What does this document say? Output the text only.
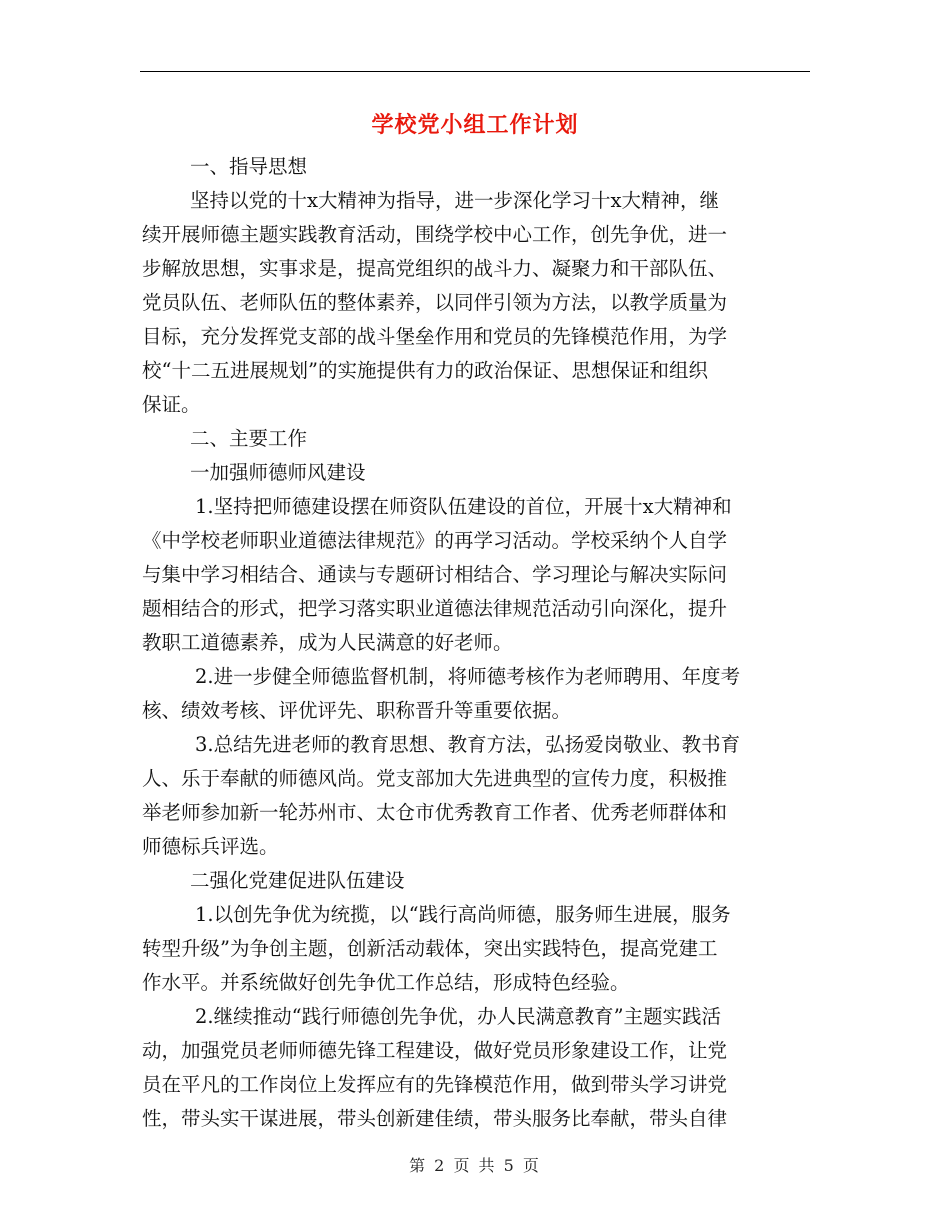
学校党小组工作计划
一、指导思想
坚持以党的十x大精神为指导，进一步深化学习十x大精神，继
续开展师德主题实践教育活动，围绕学校中心工作，创先争优，进一
步解放思想，实事求是，提高党组织的战斗力、凝聚力和干部队伍、
党员队伍、老师队伍的整体素养，以同伴引领为方法，以教学质量为
目标，充分发挥党支部的战斗堡垒作用和党员的先锋模范作用，为学
校“十二五进展规划”的实施提供有力的政治保证、思想保证和组织
保证。
二、主要工作
一加强师德师风建设
1.坚持把师德建设摆在师资队伍建设的首位，开展十x大精神和
《中学校老师职业道德法律规范》的再学习活动。学校采纳个人自学
与集中学习相结合、通读与专题研讨相结合、学习理论与解决实际问
题相结合的形式，把学习落实职业道德法律规范活动引向深化，提升
教职工道德素养，成为人民满意的好老师。
2.进一步健全师德监督机制，将师德考核作为老师聘用、年度考
核、绩效考核、评优评先、职称晋升等重要依据。
3.总结先进老师的教育思想、教育方法，弘扬爱岗敬业、教书育
人、乐于奉献的师德风尚。党支部加大先进典型的宣传力度，积极推
举老师参加新一轮苏州市、太仓市优秀教育工作者、优秀老师群体和
师德标兵评选。
二强化党建促进队伍建设
1.以创先争优为统揽，以“践行高尚师德，服务师生进展，服务
转型升级”为争创主题，创新活动载体，突出实践特色，提高党建工
作水平。并系统做好创先争优工作总结，形成特色经验。
2.继续推动“践行师德创先争优，办人民满意教育”主题实践活
动，加强党员老师师德先锋工程建设，做好党员形象建设工作，让党
员在平凡的工作岗位上发挥应有的先锋模范作用，做到带头学习讲党
性，带头实干谋进展，带头创新建佳绩，带头服务比奉献，带头自律
第 2 页 共 5 页
